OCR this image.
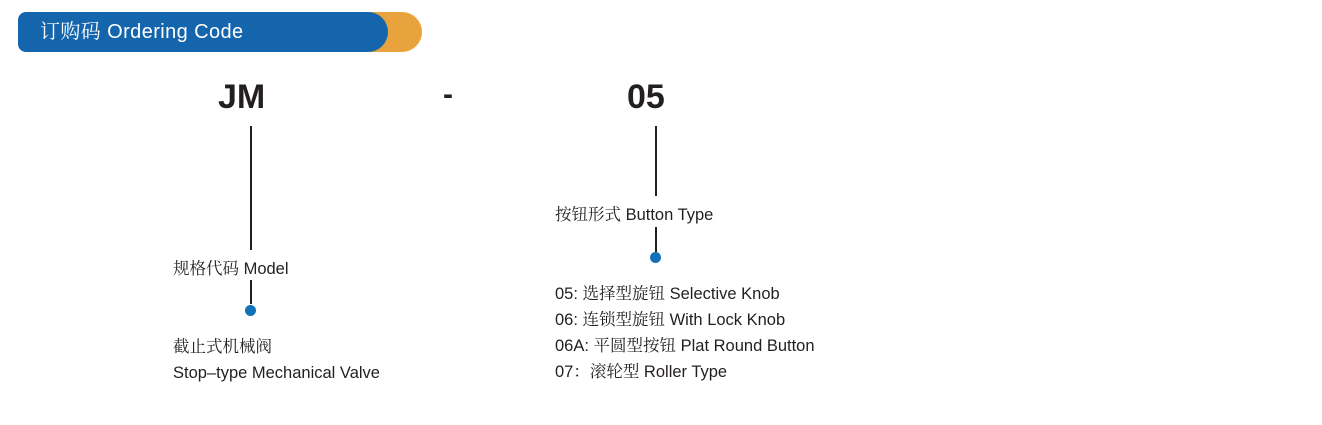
订购码 Ordering Code
JM	-	05
规格代码 Model
截止式机械阀
Stop–type Mechanical Valve
按钮形式 Button Type
05: 选择型旋钮 Selective Knob
06: 连锁型旋钮 With Lock Knob
06A: 平圆型按钮 Plat Round Button
07：滚轮型 Roller Type
